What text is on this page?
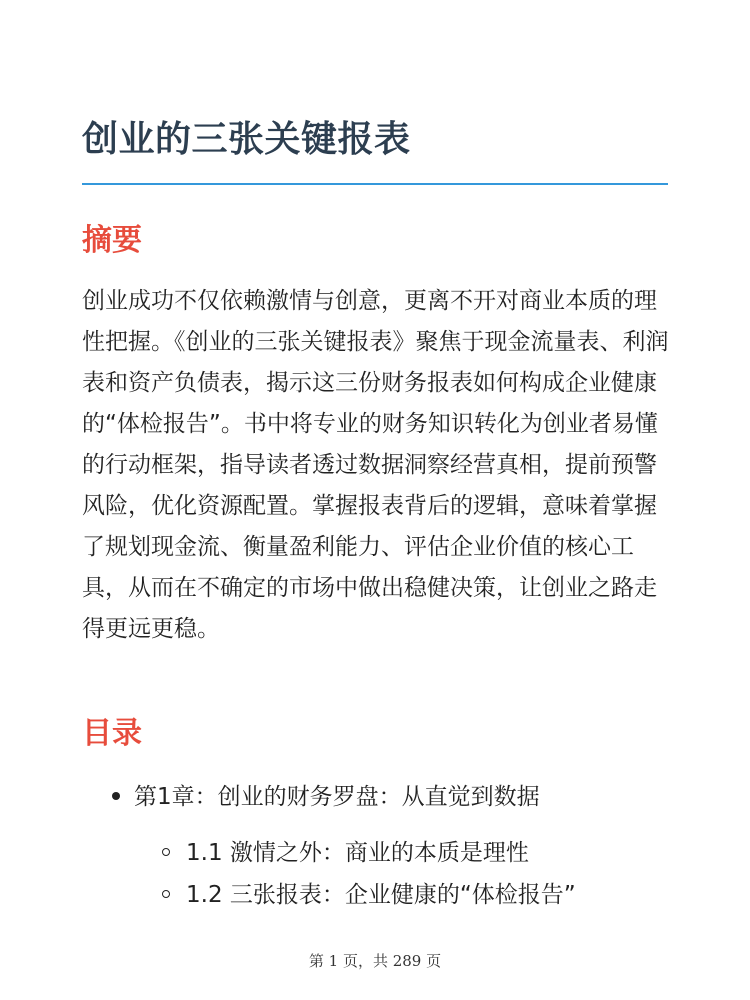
创业的三张关键报表
摘要

创业成功不仅依赖激情与创意，更离不开对商业本质的理性把握。《创业的三张关键报表》聚焦于现金流量表、利润表和资产负债表，揭示这三份财务报表如何构成企业健康的“体检报告”。书中将专业的财务知识转化为创业者易懂的行动框架，指导读者透过数据洞察经营真相，提前预警风险，优化资源配置。掌握报表背后的逻辑，意味着掌握了规划现金流、衡量盈利能力、评估企业价值的核心工具，从而在不确定的市场中做出稳健决策，让创业之路走得更远更稳。

目录
第1章：创业的财务罗盘：从直觉到数据
1.1 激情之外：商业的本质是理性
1.2 三张报表：企业健康的“体检报告”
第 1 页，共 289 页
